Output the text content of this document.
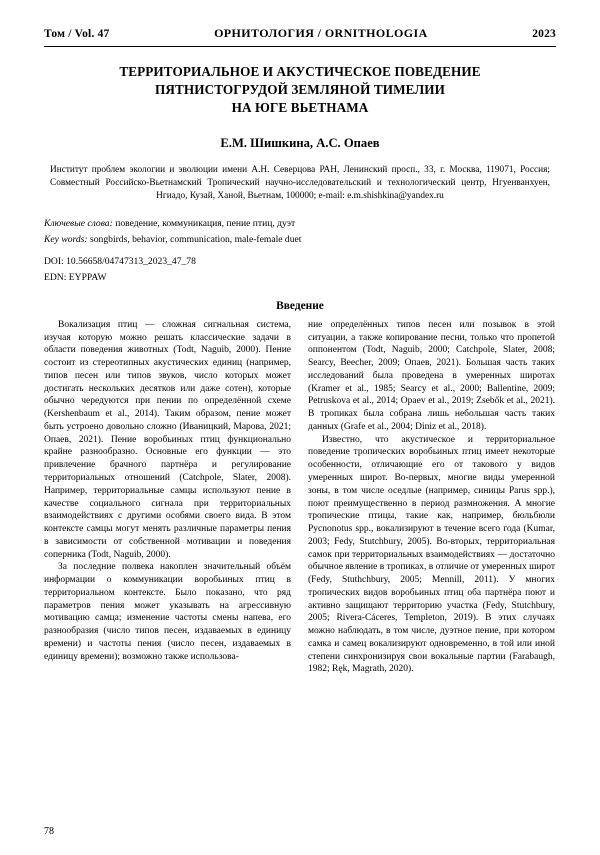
Том / Vol. 47	ОРНИТОЛОГИЯ / ORNITHOLOGIA	2023
ТЕРРИТОРИАЛЬНОЕ И АКУСТИЧЕСКОЕ ПОВЕДЕНИЕ
ПЯТНИСТОГРУДОЙ ЗЕМЛЯНОЙ ТИМЕЛИИ
НА ЮГЕ ВЬЕТНАМА
Е.М. Шишкина, А.С. Опаев
Институт проблем экологии и эволюции имени А.Н. Северцова РАН, Ленинский просп., 33, г. Москва, 119071, Россия; Совместный Российско-Вьетнамский Тропический научно-исследовательский и технологический центр, Нгуенванхуен, Нгиадо, Кузай, Ханой, Вьетнам, 100000; e-mail: e.m.shishkina@yandex.ru
Ключевые слова: поведение, коммуникация, пение птиц, дуэт
Key words: songbirds, behavior, communication, male-female duet
DOI: 10.56658/04747313_2023_47_78
EDN: EYPPAW
Введение

Вокализация птиц — сложная сигнальная система, изучая которую можно решать классические задачи в области поведения животных (Todt, Naguib, 2000). Пение состоит из стереотипных акустических единиц (например, типов песен или типов звуков, число которых может достигать нескольких десятков или даже сотен), которые обычно чередуются при пении по определённой схеме (Kershenbaum et al., 2014). Таким образом, пение может быть устроено довольно сложно (Иваницкий, Марова, 2021; Опаев, 2021). Пение воробьиных птиц функционально крайне разнообразно. Основные его функции — это привлечение брачного партнёра и регулирование территориальных отношений (Catchpole, Slater, 2008). Например, территориальные самцы используют пение в качестве социального сигнала при территориальных взаимодействиях с другими особями своего вида. В этом контексте самцы могут менять различные параметры пения в зависимости от собственной мотивации и поведения соперника (Todt, Naguib, 2000).

За последние полвека накоплен значительный объём информации о коммуникации воробьиных птиц в территориальном контексте. Было показано, что ряд параметров пения может указывать на агрессивную мотивацию самца; изменение частоты смены напева, его разнообразия (число типов песен, издаваемых в единицу времени) и частоты пения (число песен, издаваемых в единицу времени); возможно также использова-

ние определённых типов песен или позывок в этой ситуации, а также копирование песни, только что пропетой оппонентом (Todt, Naguib, 2000; Catchpole, Slater, 2008; Searcy, Beecher, 2009; Опаев, 2021). Большая часть таких исследований была проведена в умеренных широтах (Kramer et al., 1985; Searcy et al., 2000; Ballentine, 2009; Petruskova et al., 2014; Opaev et al., 2019; Zsebők et al., 2021). В тропиках была собрана лишь небольшая часть таких данных (Grafe et al., 2004; Diniz et al., 2018).

Известно, что акустическое и территориальное поведение тропических воробьиных птиц имеет некоторые особенности, отличающие его от такового у видов умеренных широт. Во-первых, многие виды умеренной зоны, в том числе оседлые (например, синицы Parus spp.), поют преимущественно в период размножения. А многие тропические птицы, такие как, например, бюльбюли Pycnonotus spp., вокализируют в течение всего года (Kumar, 2003; Fedy, Stutchbury, 2005). Во-вторых, территориальная самок при территориальных взаимодействиях — достаточно обычное явление в тропиках, в отличие от умеренных широт (Fedy, Stuthchbury, 2005; Mennill, 2011). У многих тропических видов воробьиных птиц оба партнёра поют и активно защищают территорию участка (Fedy, Stutchbury, 2005; Rivera-Cáceres, Templeton, 2019). В этих случаях можно наблюдать, в том числе, дуэтное пение, при котором самка и самец вокализируют одновременно, в той или иной степени синхронизируя свои вокальные партии (Farabaugh, 1982; Ręk, Magrath, 2020).

78
